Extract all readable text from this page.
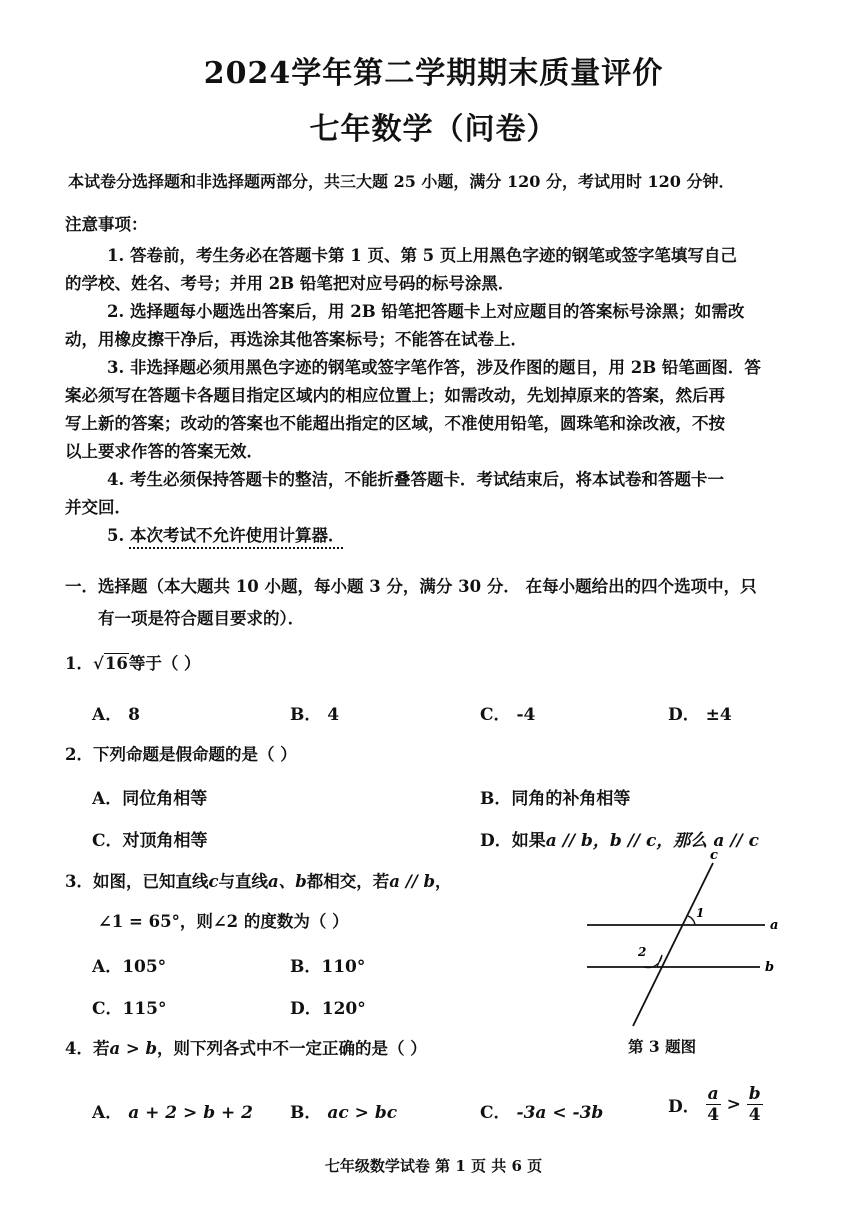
2024学年第二学期期末质量评价
七年数学（问卷）
本试卷分选择题和非选择题两部分，共三大题 25 小题，满分 120 分，考试用时 120 分钟．
注意事项：
1. 答卷前，考生务必在答题卡第 1 页、第 5 页上用黑色字迹的钢笔或签字笔填写自己
的学校、姓名、考号；并用 2B 铅笔把对应号码的标号涂黑．
2. 选择题每小题选出答案后，用 2B 铅笔把答题卡上对应题目的答案标号涂黑；如需改
动，用橡皮擦干净后，再选涂其他答案标号；不能答在试卷上．
3. 非选择题必须用黑色字迹的钢笔或签字笔作答，涉及作图的题目，用 2B 铅笔画图．答
案必须写在答题卡各题目指定区域内的相应位置上；如需改动，先划掉原来的答案，然后再
写上新的答案；改动的答案也不能超出指定的区域，不准使用铅笔，圆珠笔和涂改液，不按
以上要求作答的答案无效．
4. 考生必须保持答题卡的整洁，不能折叠答题卡．考试结束后，将本试卷和答题卡一
并交回．
5. 本次考试不允许使用计算器．
一．选择题（本大题共 10 小题，每小题 3 分，满分 30 分． 在每小题给出的四个选项中，只
有一项是符合题目要求的）．
1．√16等于（ ）
A． 8	B． 4	C． -4	D． ±4
2．下列命题是假命题的是（ ）
A．同位角相等	B．同角的补角相等
C．对顶角相等	D．如果a // b，b // c，那么 a // c
3．如图，已知直线c与直线a、b都相交，若a // b，
∠1 = 65°，则∠2 的度数为（ ）
A．105°	B．110°
C．115°	D．120°
c
a
b
1
2
第 3 题图
4．若a > b，则下列各式中不一定正确的是（ ）
A． a + 2 > b + 2 B． ac > bc	C． -3a < -3b	D． $\frac{a}{4} > \frac{b}{4}$
七年级数学试卷 第 1 页 共 6 页
